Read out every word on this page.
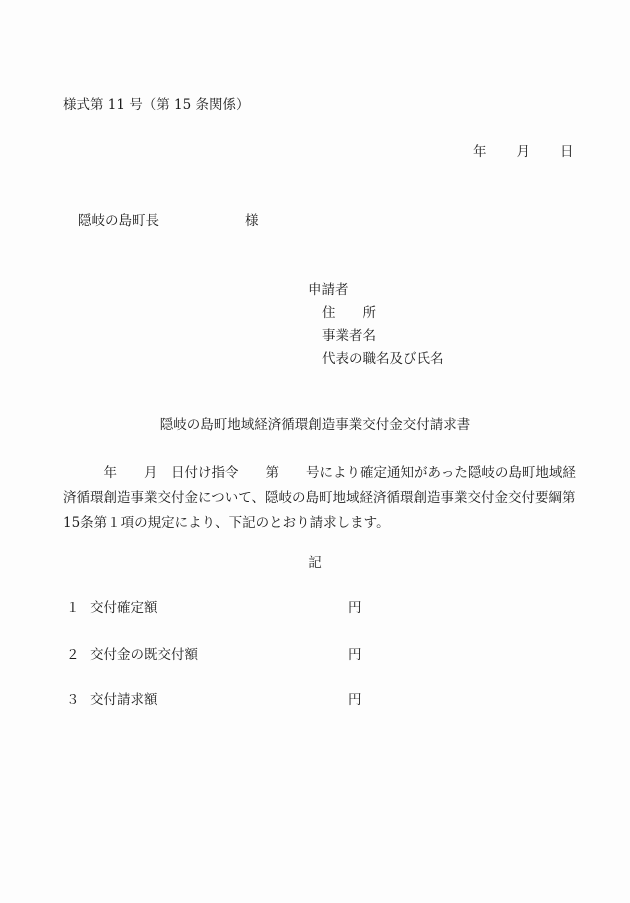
様式第 11 号（第 15 条関係）
年 月 日
隠岐の島町長	様
申請者
住　　所
事業者名
代表の職名及び氏名
隠岐の島町地域経済循環創造事業交付金交付請求書
　　　年　　月　日付け指令　　第　　号により確定通知があった隠岐の島町地域経済循環創造事業交付金について、隠岐の島町地域経済循環創造事業交付金交付要綱第15条第１項の規定により、下記のとおり請求します。
記
１ 交付確定額	円
２ 交付金の既交付額	円
３ 交付請求額	円
